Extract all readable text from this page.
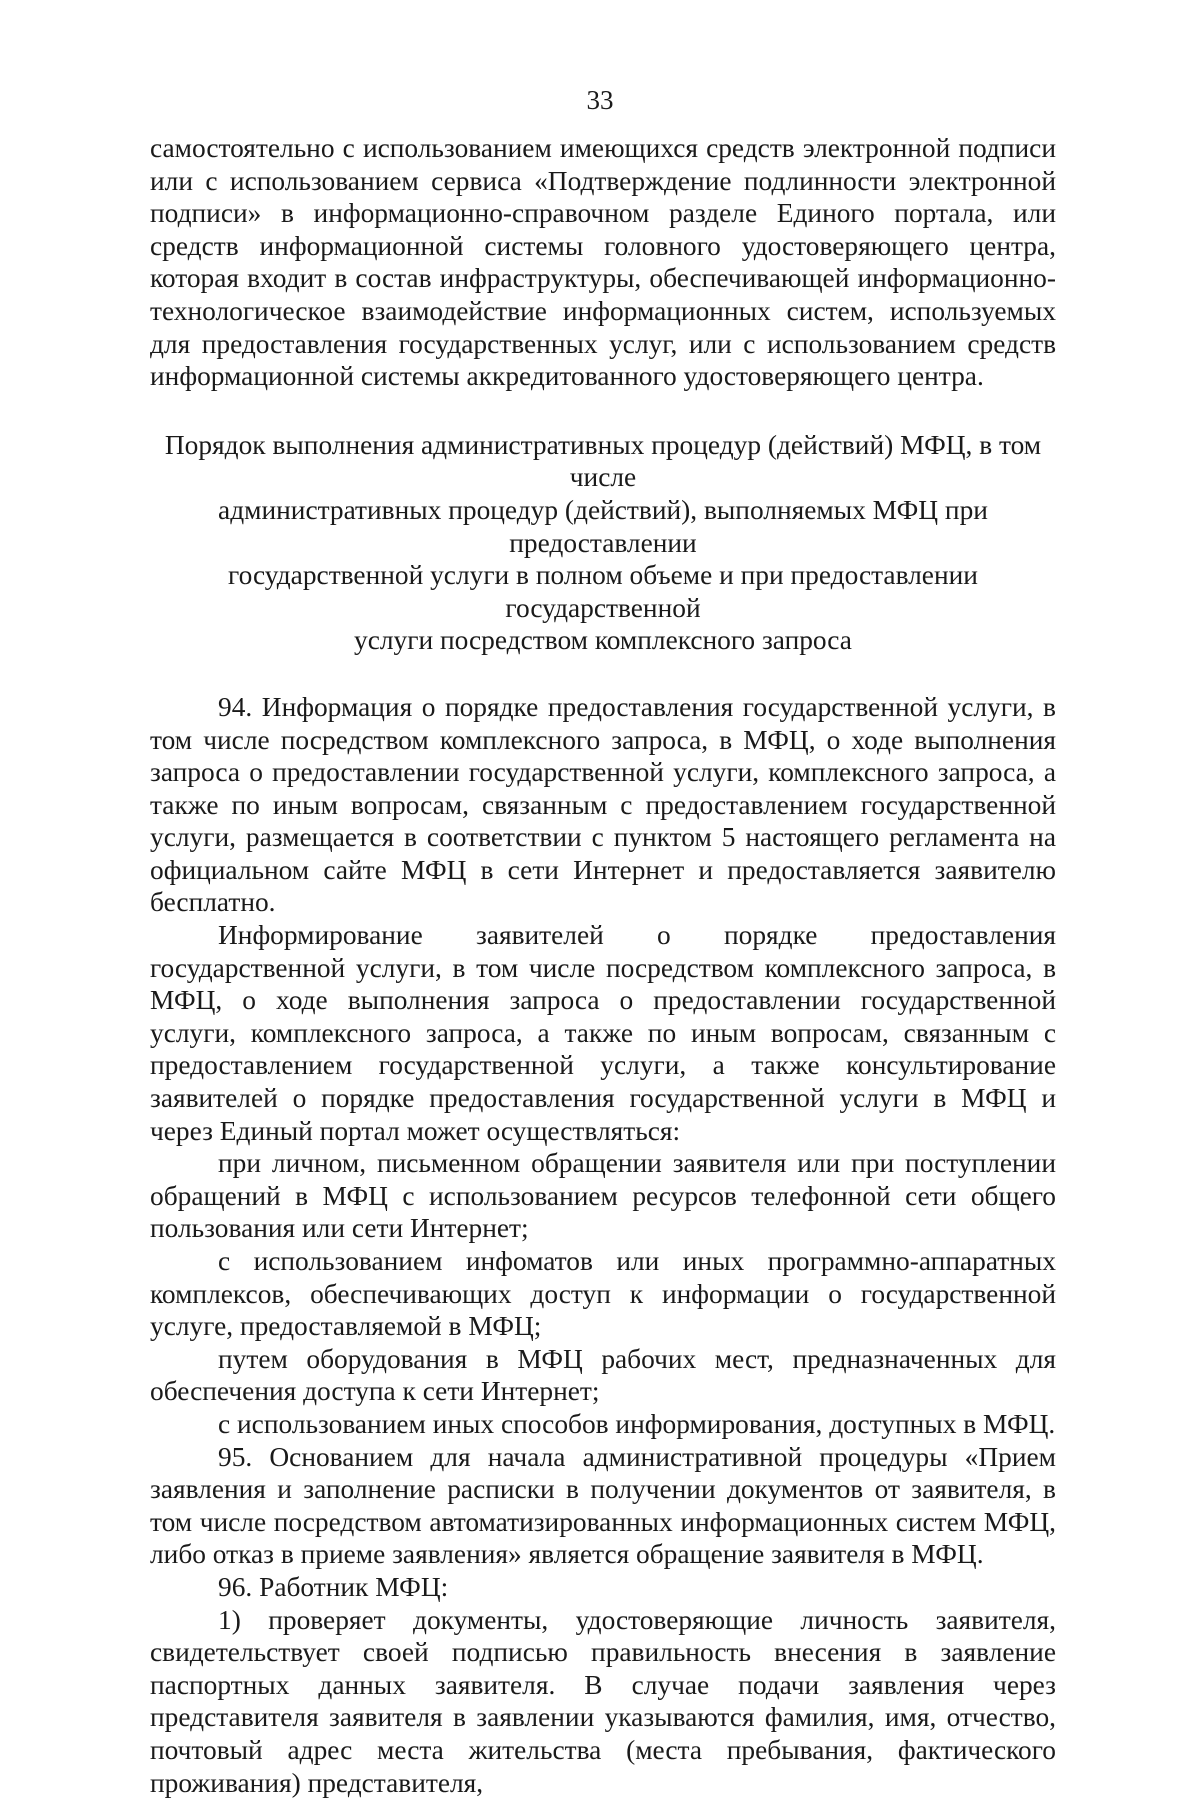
33

самостоятельно с использованием имеющихся средств электронной подписи или с использованием сервиса «Подтверждение подлинности электронной подписи» в информационно-справочном разделе Единого портала, или средств информационной системы головного удостоверяющего центра, которая входит в состав инфраструктуры, обеспечивающей информационно-технологическое взаимодействие информационных систем, используемых для предоставления государственных услуг, или с использованием средств информационной системы аккредитованного удостоверяющего центра.

Порядок выполнения административных процедур (действий) МФЦ, в том числе
административных процедур (действий), выполняемых МФЦ при предоставлении
государственной услуги в полном объеме и при предоставлении государственной
услуги посредством комплексного запроса

94. Информация о порядке предоставления государственной услуги, в том числе посредством комплексного запроса, в МФЦ, о ходе выполнения запроса о предоставлении государственной услуги, комплексного запроса, а также по иным вопросам, связанным с предоставлением государственной услуги, размещается в соответствии с пунктом 5 настоящего регламента на официальном сайте МФЦ в сети Интернет и предоставляется заявителю бесплатно.

Информирование заявителей о порядке предоставления государственной услуги, в том числе посредством комплексного запроса, в МФЦ, о ходе выполнения запроса о предоставлении государственной услуги, комплексного запроса, а также по иным вопросам, связанным с предоставлением государственной услуги, а также консультирование заявителей о порядке предоставления государственной услуги в МФЦ и через Единый портал может осуществляться:

при личном, письменном обращении заявителя или при поступлении обращений в МФЦ с использованием ресурсов телефонной сети общего пользования или сети Интернет;

с использованием инфоматов или иных программно-аппаратных комплексов, обеспечивающих доступ к информации о государственной услуге, предоставляемой в МФЦ;

путем оборудования в МФЦ рабочих мест, предназначенных для обеспечения доступа к сети Интернет;

с использованием иных способов информирования, доступных в МФЦ.

95. Основанием для начала административной процедуры «Прием заявления и заполнение расписки в получении документов от заявителя, в том числе посредством автоматизированных информационных систем МФЦ, либо отказ в приеме заявления» является обращение заявителя в МФЦ.

96. Работник МФЦ:

1) проверяет документы, удостоверяющие личность заявителя, свидетельствует своей подписью правильность внесения в заявление паспортных данных заявителя. В случае подачи заявления через представителя заявителя в заявлении указываются фамилия, имя, отчество, почтовый адрес места жительства (места пребывания, фактического проживания) представителя,
